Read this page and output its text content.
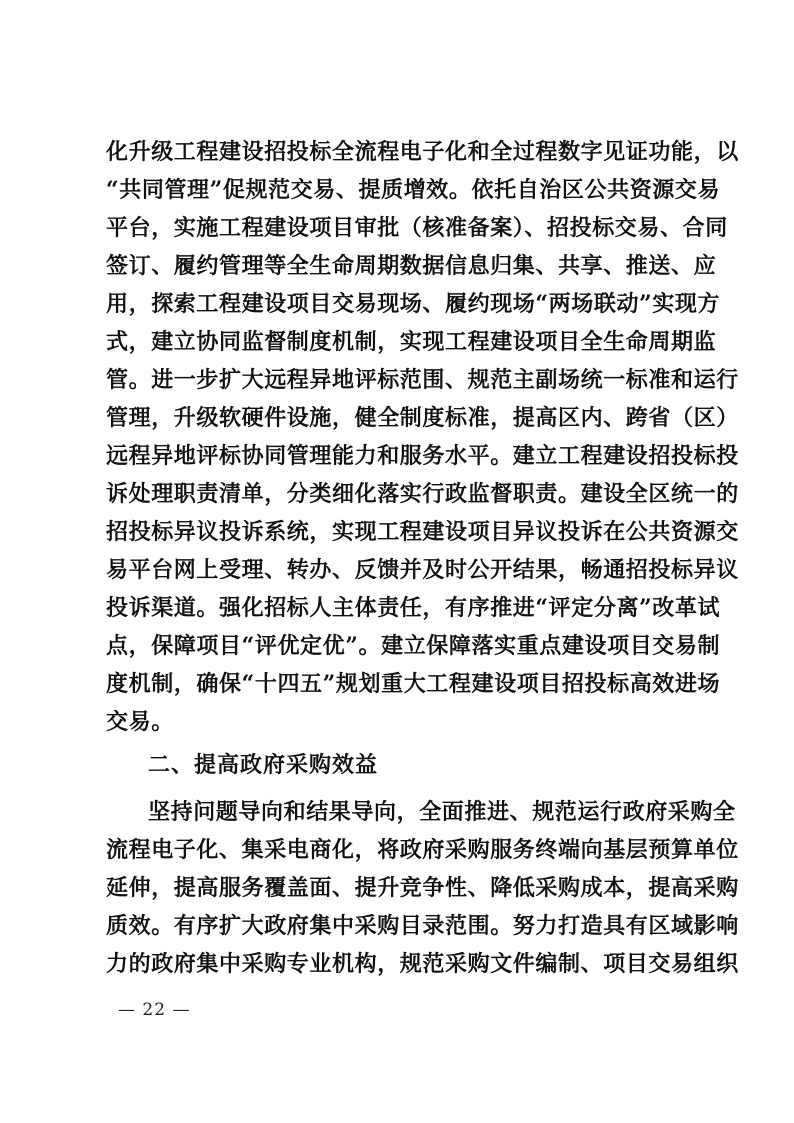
化升级工程建设招投标全流程电子化和全过程数字见证功能，以
“共同管理”促规范交易、提质增效。依托自治区公共资源交易
平台，实施工程建设项目审批（核准备案）、招投标交易、合同
签订、履约管理等全生命周期数据信息归集、共享、推送、应
用，探索工程建设项目交易现场、履约现场“两场联动”实现方
式，建立协同监督制度机制，实现工程建设项目全生命周期监
管。进一步扩大远程异地评标范围、规范主副场统一标准和运行
管理，升级软硬件设施，健全制度标准，提高区内、跨省（区）
远程异地评标协同管理能力和服务水平。建立工程建设招投标投
诉处理职责清单，分类细化落实行政监督职责。建设全区统一的
招投标异议投诉系统，实现工程建设项目异议投诉在公共资源交
易平台网上受理、转办、反馈并及时公开结果，畅通招投标异议
投诉渠道。强化招标人主体责任，有序推进“评定分离”改革试
点，保障项目“评优定优”。建立保障落实重点建设项目交易制
度机制，确保“十四五”规划重大工程建设项目招投标高效进场
交易。
二、提高政府采购效益
坚持问题导向和结果导向，全面推进、规范运行政府采购全
流程电子化、集采电商化，将政府采购服务终端向基层预算单位
延伸，提高服务覆盖面、提升竞争性、降低采购成本，提高采购
质效。有序扩大政府集中采购目录范围。努力打造具有区域影响
力的政府集中采购专业机构，规范采购文件编制、项目交易组织
— 22 —
